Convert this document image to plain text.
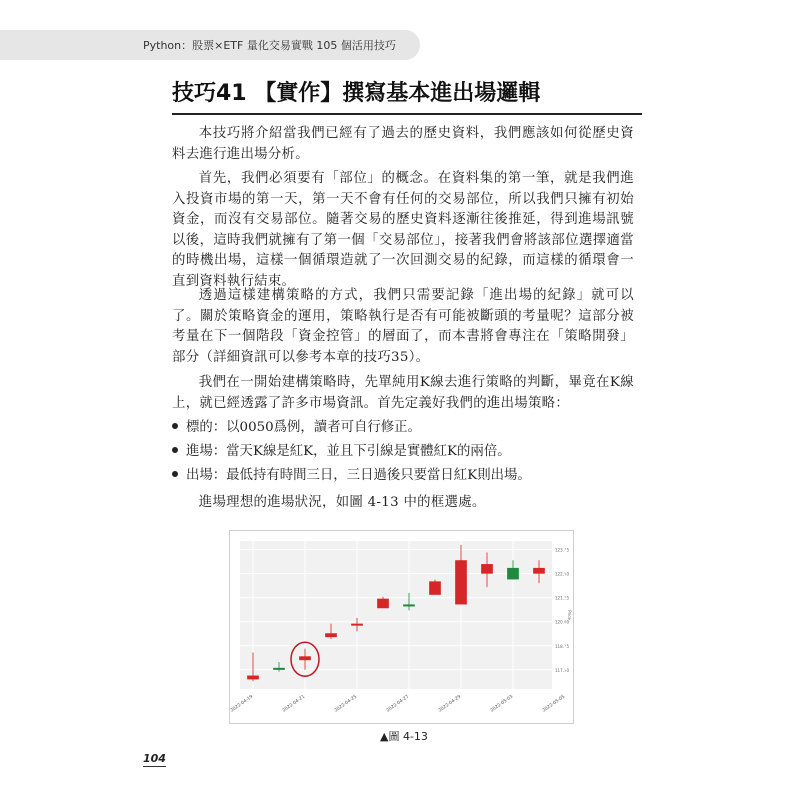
Python：股票×ETF 量化交易實戰 105 個活用技巧
技巧41 【實作】撰寫基本進出場邏輯

本技巧將介紹當我們已經有了過去的歷史資料，我們應該如何從歷史資料去進行進出場分析。

首先，我們必須要有「部位」的概念。在資料集的第一筆，就是我們進入投資市場的第一天，第一天不會有任何的交易部位，所以我們只擁有初始資金，而沒有交易部位。隨著交易的歷史資料逐漸往後推延，得到進場訊號以後，這時我們就擁有了第一個「交易部位」，接著我們會將該部位選擇適當的時機出場，這樣一個循環造就了一次回測交易的紀錄，而這樣的循環會一直到資料執行結束。

透過這樣建構策略的方式，我們只需要記錄「進出場的紀錄」就可以了。關於策略資金的運用，策略執行是否有可能被斷頭的考量呢？這部分被考量在下一個階段「資金控管」的層面了，而本書將會專注在「策略開發」部分（詳細資訊可以參考本章的技巧35）。

我們在一開始建構策略時，先單純用K線去進行策略的判斷，畢竟在K線上，就已經透露了許多市場資訊。首先定義好我們的進出場策略：

標的：以0050爲例，讀者可自行修正。
進場：當天K線是紅K，並且下引線是實體紅K的兩倍。
出場：最低持有時間三日，三日過後只要當日紅K則出場。

進場理想的進場狀況，如圖 4-13 中的框選處。

117.50
118.75
120.00
121.25
122.50
123.75
2022-04-19	2022-04-21	2022-04-25	2022-04-27	2022-04-29	2022-05-03	2022-05-05
Price
▲圖 4-13
104
